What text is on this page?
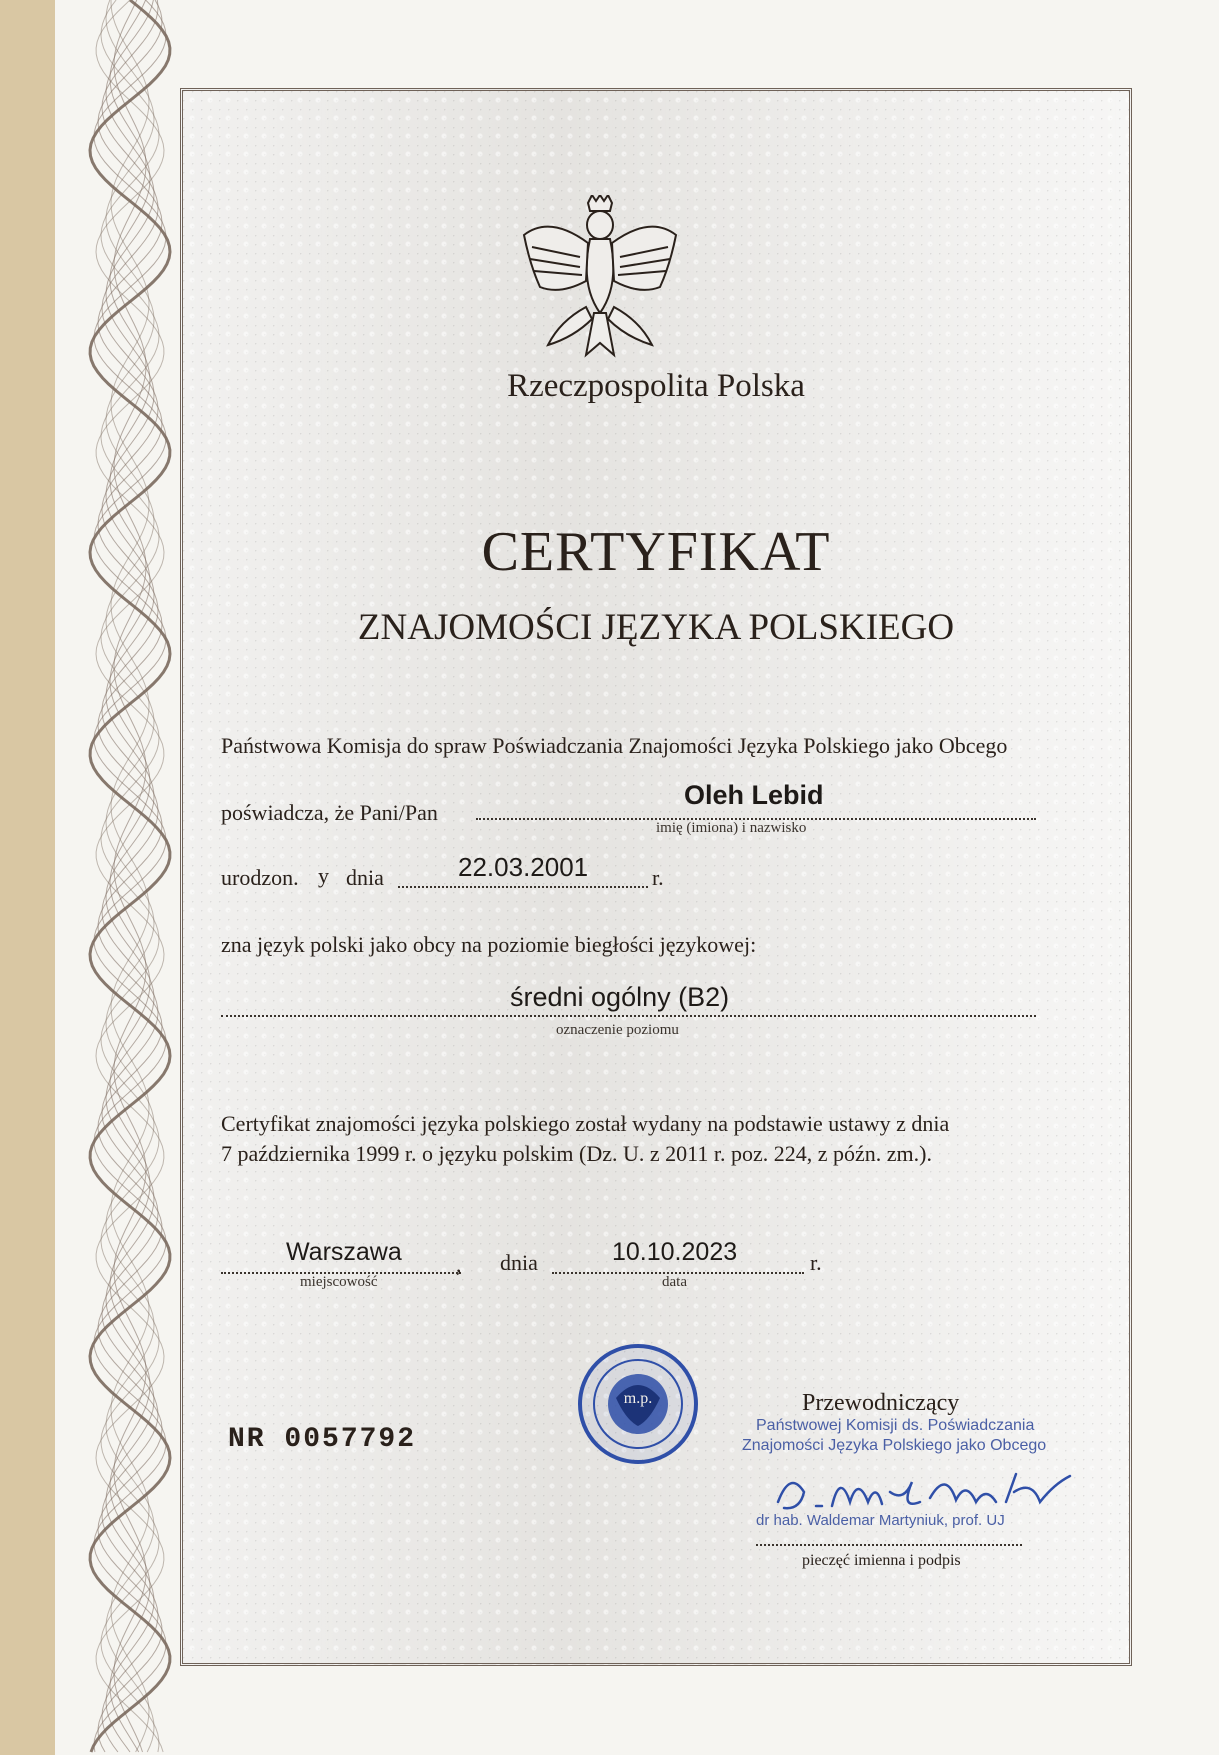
Rzeczpospolita Polska
CERTYFIKAT
ZNAJOMOŚCI JĘZYKA POLSKIEGO
Państwowa Komisja do spraw Poświadczania Znajomości Języka Polskiego jako Obcego
poświadcza, że Pani/Pan
Oleh Lebid
imię (imiona) i nazwisko
urodzon. y dnia	22.03.2001	r.
zna język polski jako obcy na poziomie biegłości językowej:
średni ogólny (B2)
oznaczenie poziomu
Certyfikat znajomości języka polskiego został wydany na podstawie ustawy z dnia
7 października 1999 r. o języku polskim (Dz. U. z 2011 r. poz. 224, z późn. zm.).
Warszawa ,
miejscowość
dnia	10.10.2023	r.
data
NR 0057792
m.p.	Przewodniczący
Państwowej Komisji ds. Poświadczania
Znajomości Języka Polskiego jako Obcego
dr hab. Waldemar Martyniuk, prof. UJ
pieczęć imienna i podpis
